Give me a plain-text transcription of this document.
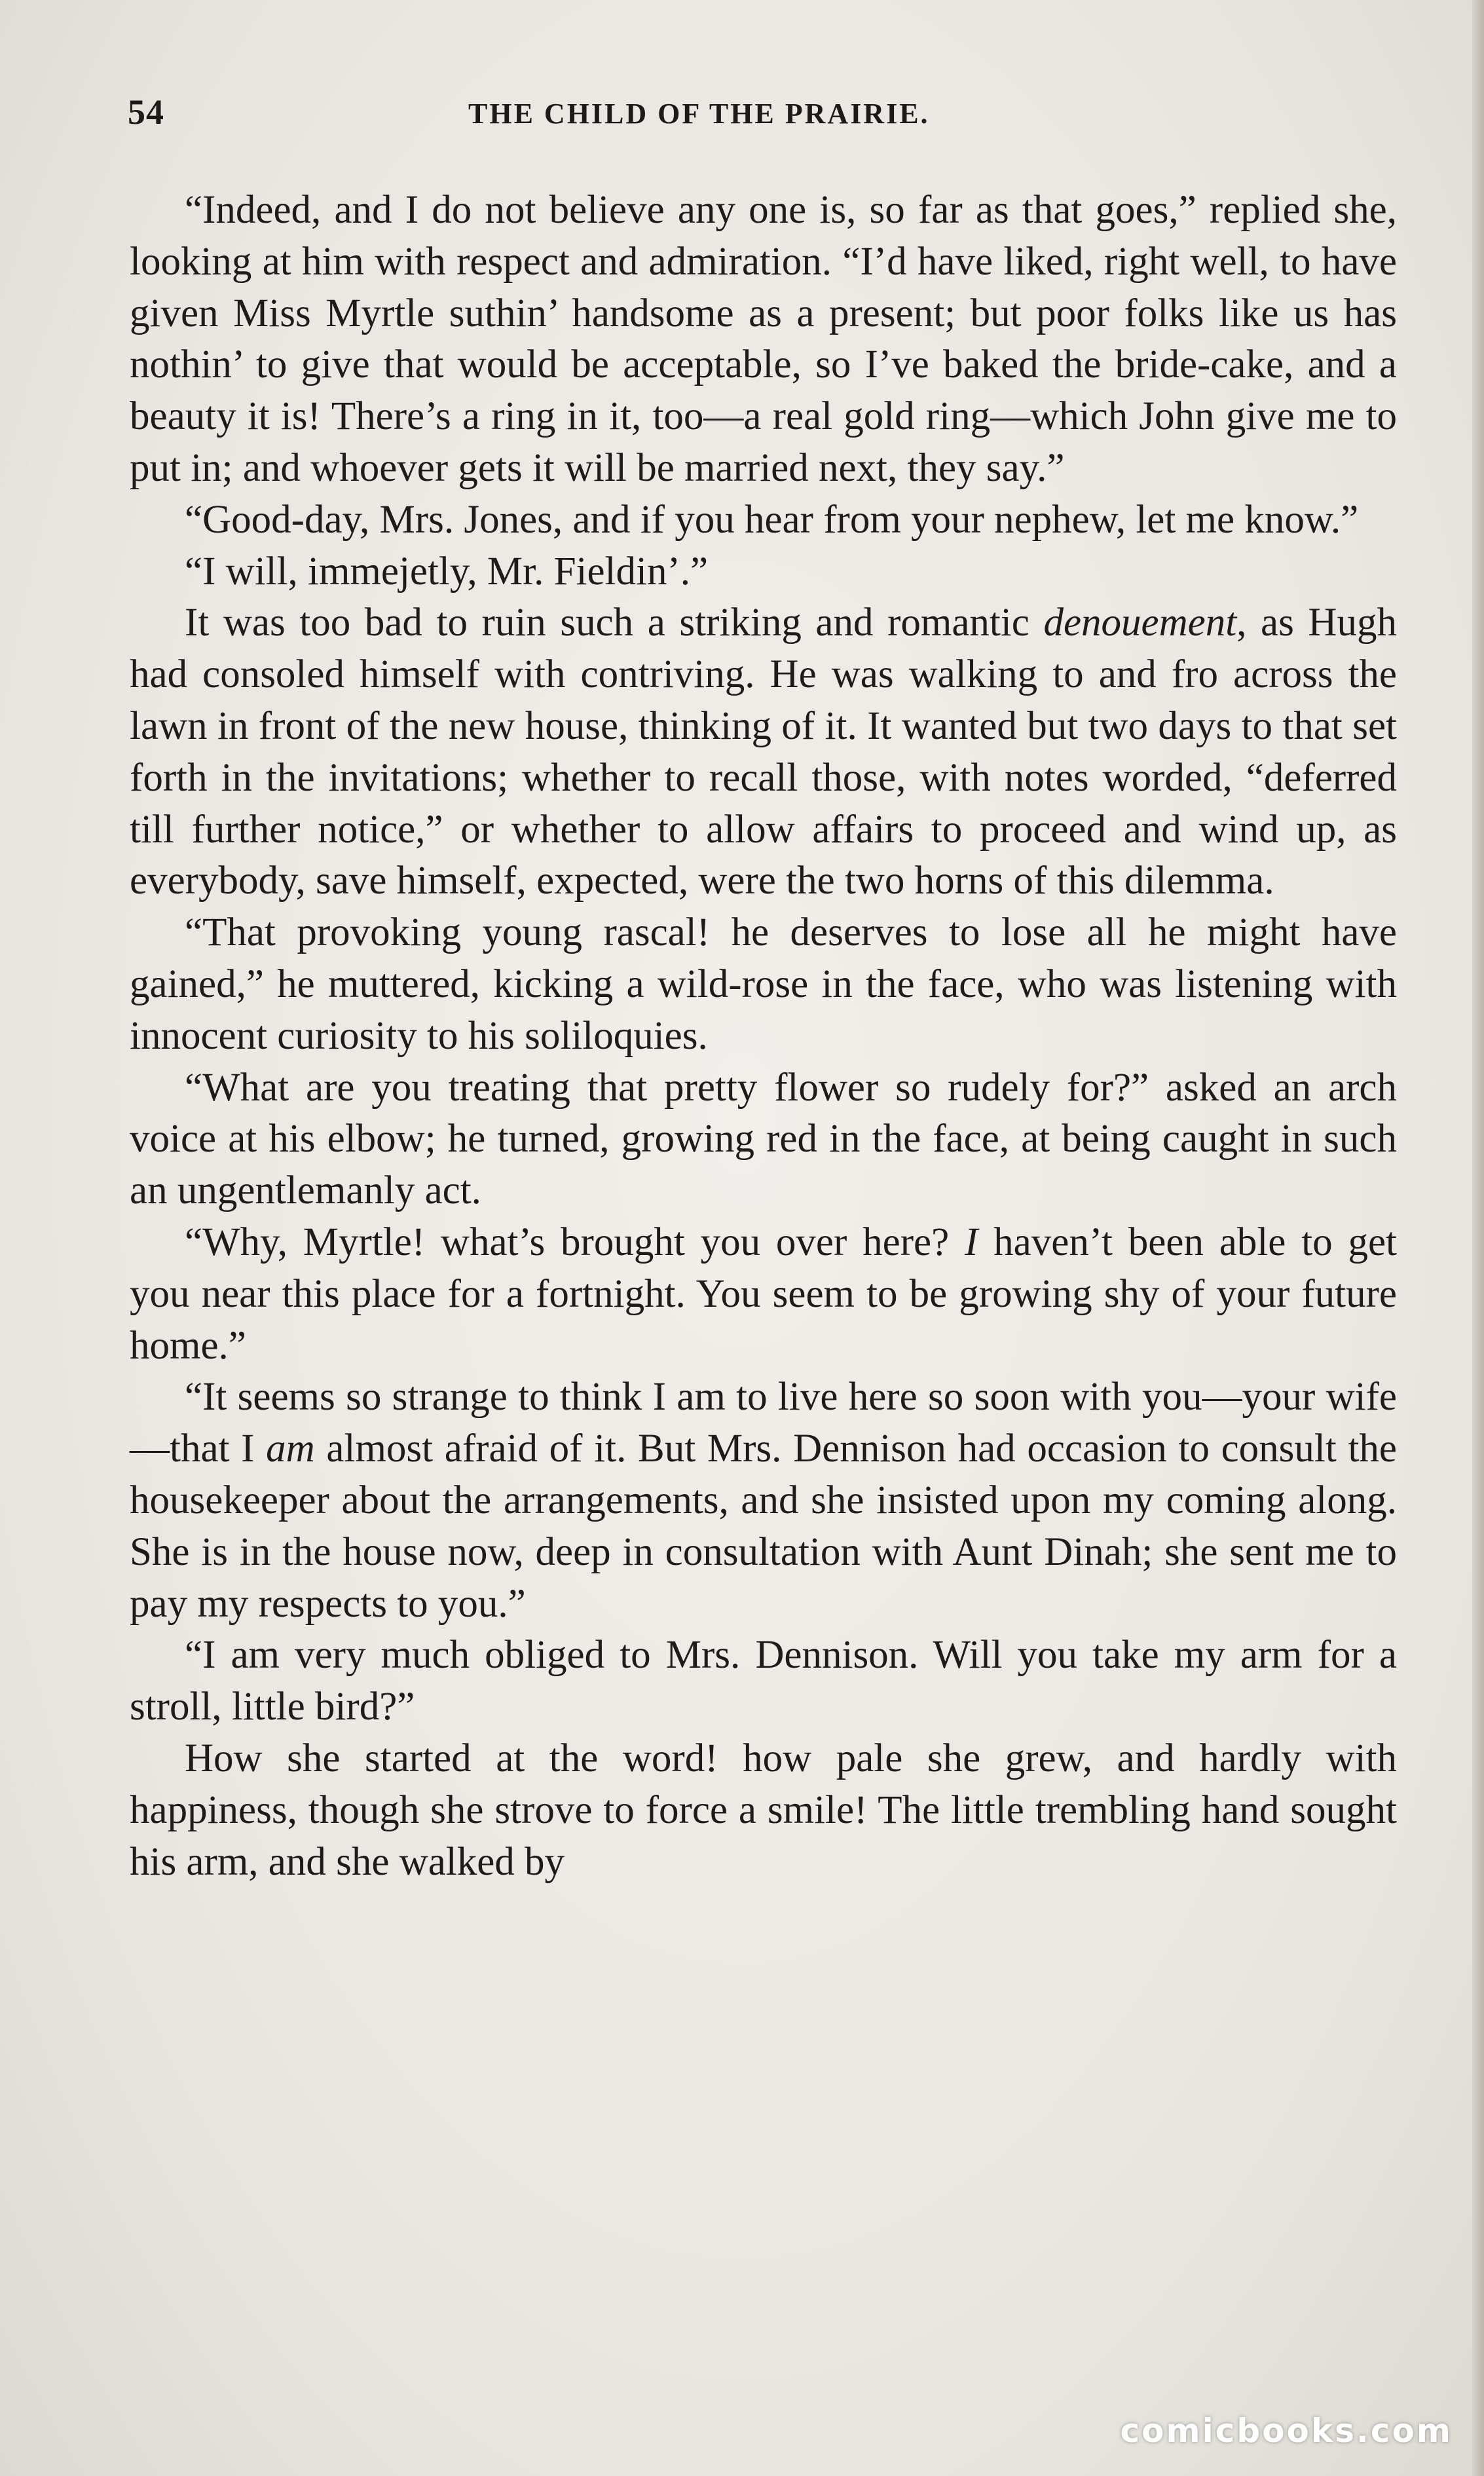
54	THE CHILD OF THE PRAIRIE.

“Indeed, and I do not believe any one is, so far as that goes,” replied she, looking at him with respect and admiration. “I’d have liked, right well, to have given Miss Myrtle suthin’ handsome as a present; but poor folks like us has nothin’ to give that would be acceptable, so I’ve baked the bride-cake, and a beauty it is! There’s a ring in it, too—a real gold ring—which John give me to put in; and whoever gets it will be married next, they say.”

“Good-day, Mrs. Jones, and if you hear from your nephew, let me know.”

“I will, immejetly, Mr. Fieldin’.”

It was too bad to ruin such a striking and romantic denouement, as Hugh had consoled himself with contriving. He was walking to and fro across the lawn in front of the new house, thinking of it. It wanted but two days to that set forth in the invitations; whether to recall those, with notes worded, “deferred till further notice,” or whether to allow affairs to proceed and wind up, as everybody, save himself, expected, were the two horns of this dilemma.

“That provoking young rascal! he deserves to lose all he might have gained,” he muttered, kicking a wild-rose in the face, who was listening with innocent curiosity to his soliloquies.

“What are you treating that pretty flower so rudely for?” asked an arch voice at his elbow; he turned, growing red in the face, at being caught in such an ungentlemanly act.

“Why, Myrtle! what’s brought you over here? I haven’t been able to get you near this place for a fortnight. You seem to be growing shy of your future home.”

“It seems so strange to think I am to live here so soon with you—your wife—that I am almost afraid of it. But Mrs. Dennison had occasion to consult the housekeeper about the arrangements, and she insisted upon my coming along. She is in the house now, deep in consultation with Aunt Dinah; she sent me to pay my respects to you.”

“I am very much obliged to Mrs. Dennison. Will you take my arm for a stroll, little bird?”

How she started at the word! how pale she grew, and hardly with happiness, though she strove to force a smile! The little trembling hand sought his arm, and she walked by

comicbooks.com
